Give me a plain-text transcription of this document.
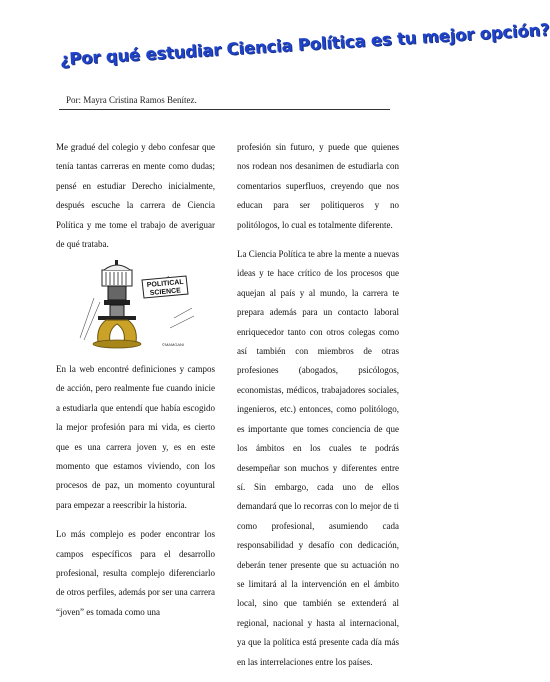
¿Por qué estudiar Ciencia Política es tu mejor opción?
Por: Mayra Cristina Ramos Benítez.

Me gradué del colegio y debo confesar que tenía tantas carreras en mente como dudas; pensé en estudiar Derecho inicialmente, después escuche la carrera de Ciencia Política y me tome el trabajo de averiguar de qué trataba.

POLITICAL
SCIENCE
©MAMGANI

En la web encontré definiciones y campos de acción, pero realmente fue cuando inicie a estudiarla que entendí que había escogido la mejor profesión para mi vida, es cierto que es una carrera joven y, es en este momento que estamos viviendo, con los procesos de paz, un momento coyuntural para empezar a reescribir la historia.

Lo más complejo es poder encontrar los campos específicos para el desarrollo profesional, resulta complejo diferenciarlo de otros perfiles, además por ser una carrera “joven” es tomada como una

profesión sin futuro, y puede que quienes nos rodean nos desanimen de estudiarla con comentarios superfluos, creyendo que nos educan para ser politiqueros y no politólogos, lo cual es totalmente diferente.

La Ciencia Política te abre la mente a nuevas ideas y te hace crítico de los procesos que aquejan al país y al mundo, la carrera te prepara además para un contacto laboral enriquecedor tanto con otros colegas como así también con miembros de otras profesiones (abogados, psicólogos, economistas, médicos, trabajadores sociales, ingenieros, etc.) entonces, como politólogo, es importante que tomes conciencia de que los ámbitos en los cuales te podrás desempeñar son muchos y diferentes entre sí. Sin embargo, cada uno de ellos demandará que lo recorras con lo mejor de ti como profesional, asumiendo cada responsabilidad y desafío con dedicación, deberán tener presente que su actuación no se limitará al la intervención en el ámbito local, sino que también se extenderá al regional, nacional y hasta al internacional, ya que la política está presente cada día más en las interrelaciones entre los países.
